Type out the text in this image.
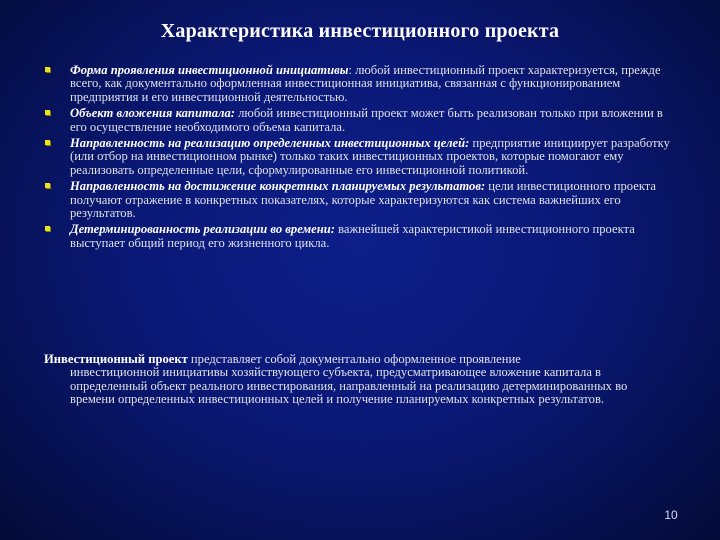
Характеристика инвестиционного проекта
Форма проявления инвестиционной инициативы: любой инвестиционный проект характеризуется, прежде всего, как документально оформленная инвестиционная инициатива, связанная с функционированием предприятия и его инвестиционной деятельностью.
Объект вложения капитала: любой инвестиционный проект может быть реализован только при вложении в его осуществление необходимого объема капитала.
Направленность на реализацию определенных инвестиционных целей: предприятие инициирует разработку (или отбор на инвестиционном рынке) только таких инвестиционных проектов, которые помогают ему реализовать определенные цели, сформулированные его инвестиционной политикой.
Направленность на достижение конкретных планируемых результатов: цели инвестиционного проекта получают отражение в конкретных показателях, которые характеризуются как система важнейших его результатов.
Детерминированность реализации во времени: важнейшей характеристикой инвестиционного проекта выступает общий период его жизненного цикла.
Инвестиционный проект представляет собой документально оформленное проявление
инвестиционной инициативы хозяйствующего субъекта, предусматривающее вложение капитала в определенный объект реального инвестирования, направленный на реализацию детерминированных во времени определенных инвестиционных целей и получение планируемых конкретных результатов.
10
